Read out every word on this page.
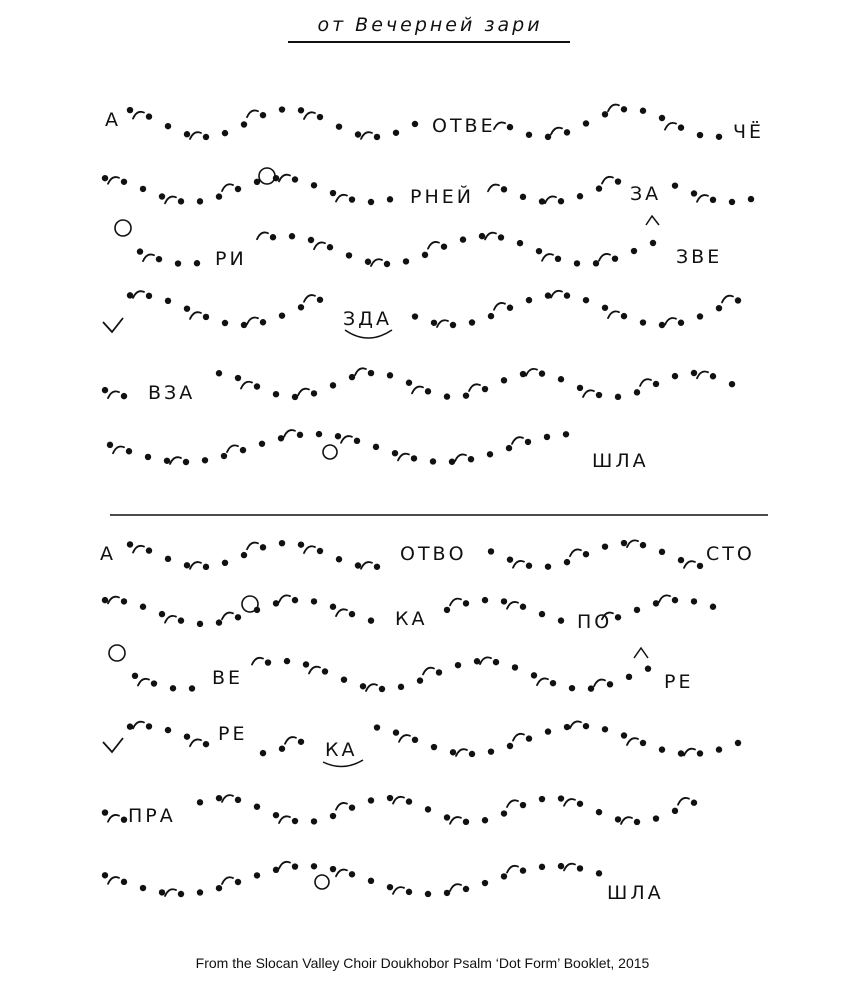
от Вечерней зари
А	ОТВЕ	ЧЁ
РНЕЙ	ЗА
РИ	ЗВЕ
ЗДА
ВЗА
ШЛА
А	ОТВО	СТО
КА	ПО
ВЕ	РЕ
РЕ
КА
ПРА
ШЛА
From the Slocan Valley Choir Doukhobor Psalm ‘Dot Form’ Booklet, 2015
